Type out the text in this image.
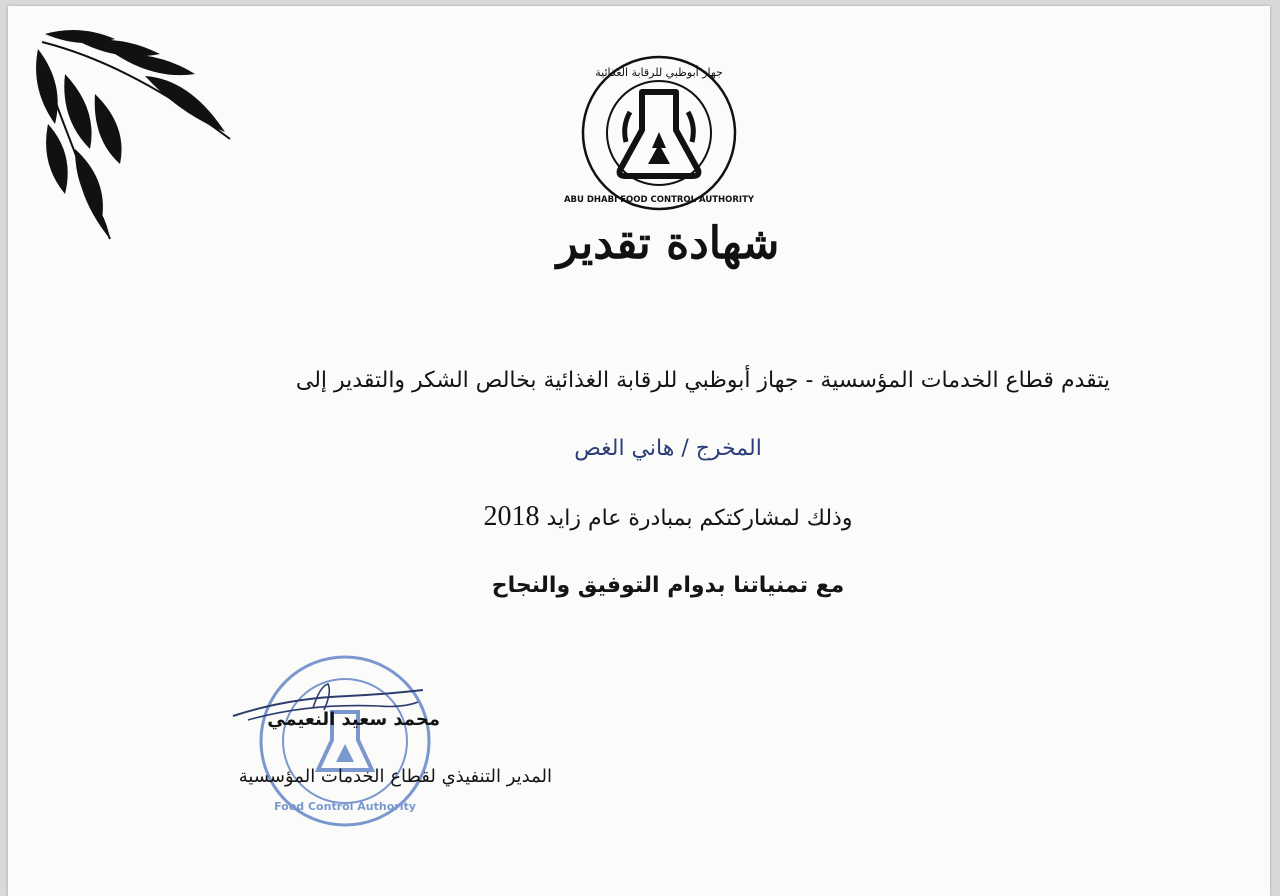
جهاز أبوظبي للرقابة الغذائية
ABU DHABI FOOD CONTROL AUTHORITY
شهادة تقدير
يتقدم قطاع الخدمات المؤسسية - جهاز أبوظبي للرقابة الغذائية بخالص الشكر والتقدير إلى
المخرج / هاني الغص
وذلك لمشاركتكم بمبادرة عام زايد 2018
مع تمنياتنا بدوام التوفيق والنجاح
Food Control Authority
محمد سعيد النعيمي
المدير التنفيذي لقطاع الخدمات المؤسسية
